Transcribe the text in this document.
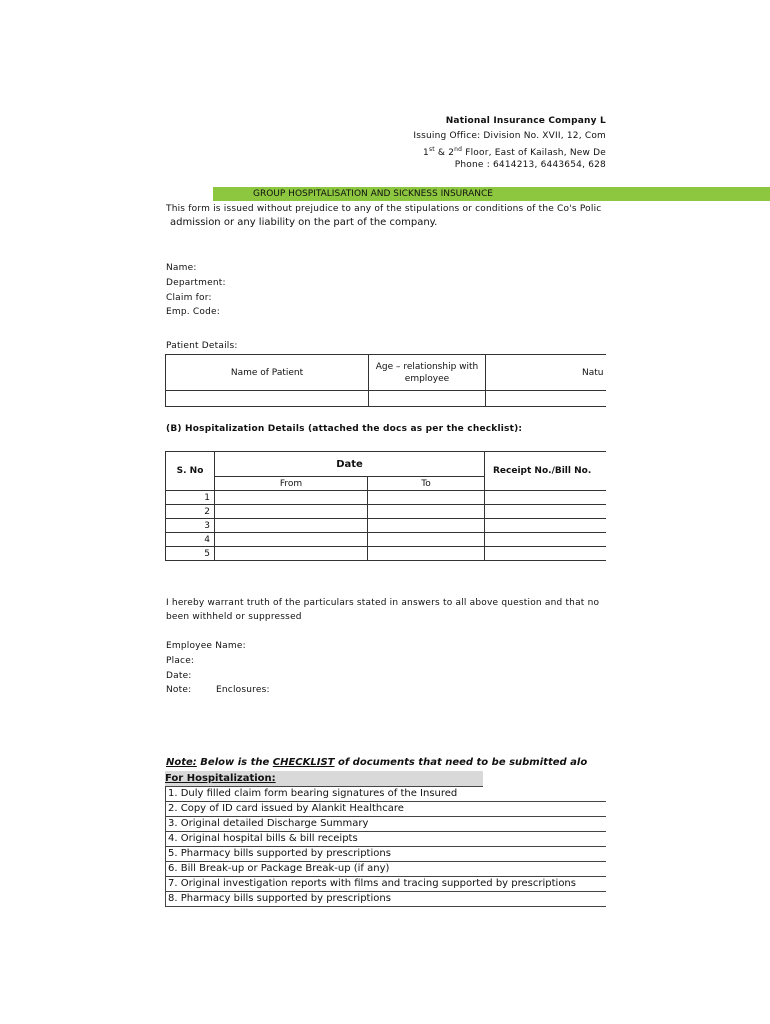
National Insurance Company L
Issuing Office: Division No. XVII, 12, Com
1st & 2nd Floor, East of Kailash, New De
Phone : 6414213, 6443654, 628
GROUP HOSPITALISATION AND SICKNESS INSURANCE
This form is issued without prejudice to any of the stipulations or conditions of the Co's Polic
admission or any liability on the part of the company.
Name:
Department:
Claim for:
Emp. Code:
Patient Details:
Name of Patient	Age – relationship with employee	Natu

(B) Hospitalization Details (attached the docs as per the checklist):
S. No	Date		Receipt No./Bill No.
	From	To	
1			
2			
3			
4			
5			
I hereby warrant truth of the particulars stated in answers to all above question and that no
been withheld or suppressed
Employee Name:
Place:
Date:
Note:	Enclosures:
Note: Below is the CHECKLIST of documents that need to be submitted alo
For Hospitalization:
1. Duly filled claim form bearing signatures of the Insured
2. Copy of ID card issued by Alankit Healthcare
3. Original detailed Discharge Summary
4. Original hospital bills & bill receipts
5. Pharmacy bills supported by prescriptions
6. Bill Break-up or Package Break-up (if any)
7. Original investigation reports with films and tracing supported by prescriptions
8. Pharmacy bills supported by prescriptions
